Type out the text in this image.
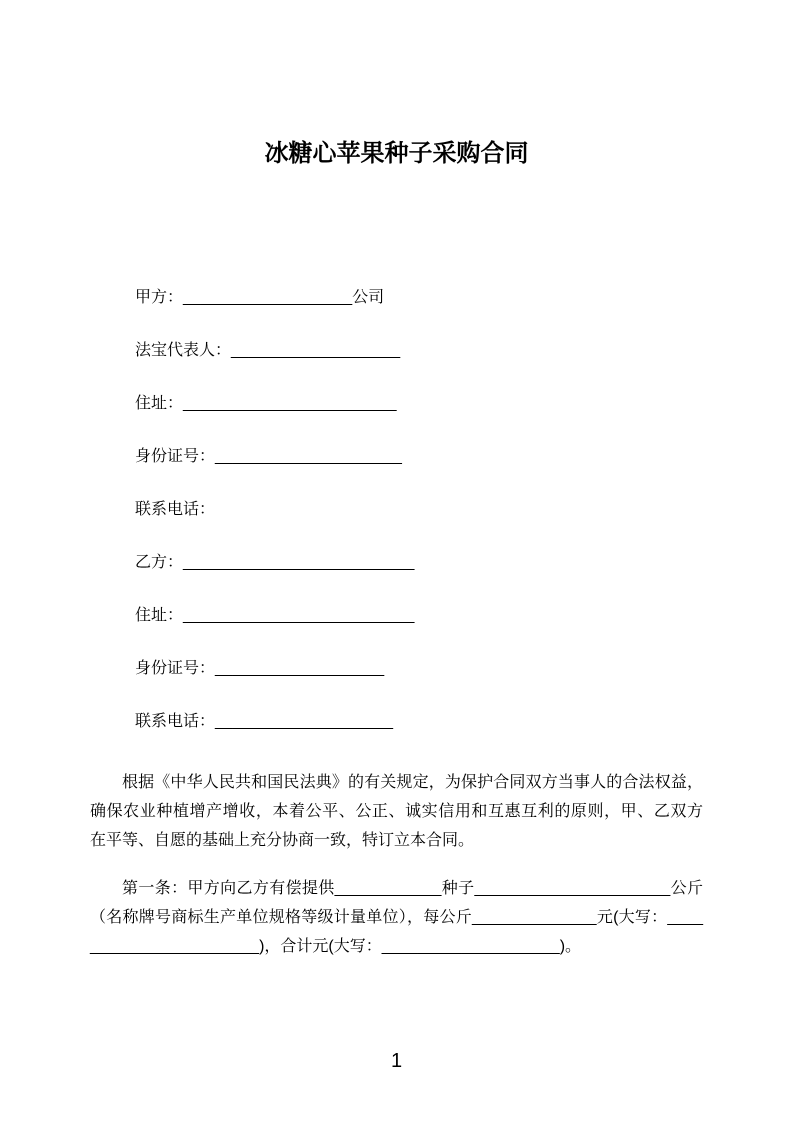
冰糖心苹果种子采购合同
甲方：___________________公司
法宝代表人：___________________
住址：________________________
身份证号：_____________________
联系电话：
乙方：__________________________
住址：__________________________
身份证号：___________________
联系电话：____________________
根据《中华人民共和国民法典》的有关规定，为保护合同双方当事人的合法权益，
确保农业种植增产增收，本着公平、公正、诚实信用和互惠互利的原则，甲、乙双方
在平等、自愿的基础上充分协商一致，特订立本合同。
第一条：甲方向乙方有偿提供____________种子______________________公斤
（名称牌号商标生产单位规格等级计量单位），每公斤______________元(大写：____
___________________)，合计元(大写：____________________)。
1
